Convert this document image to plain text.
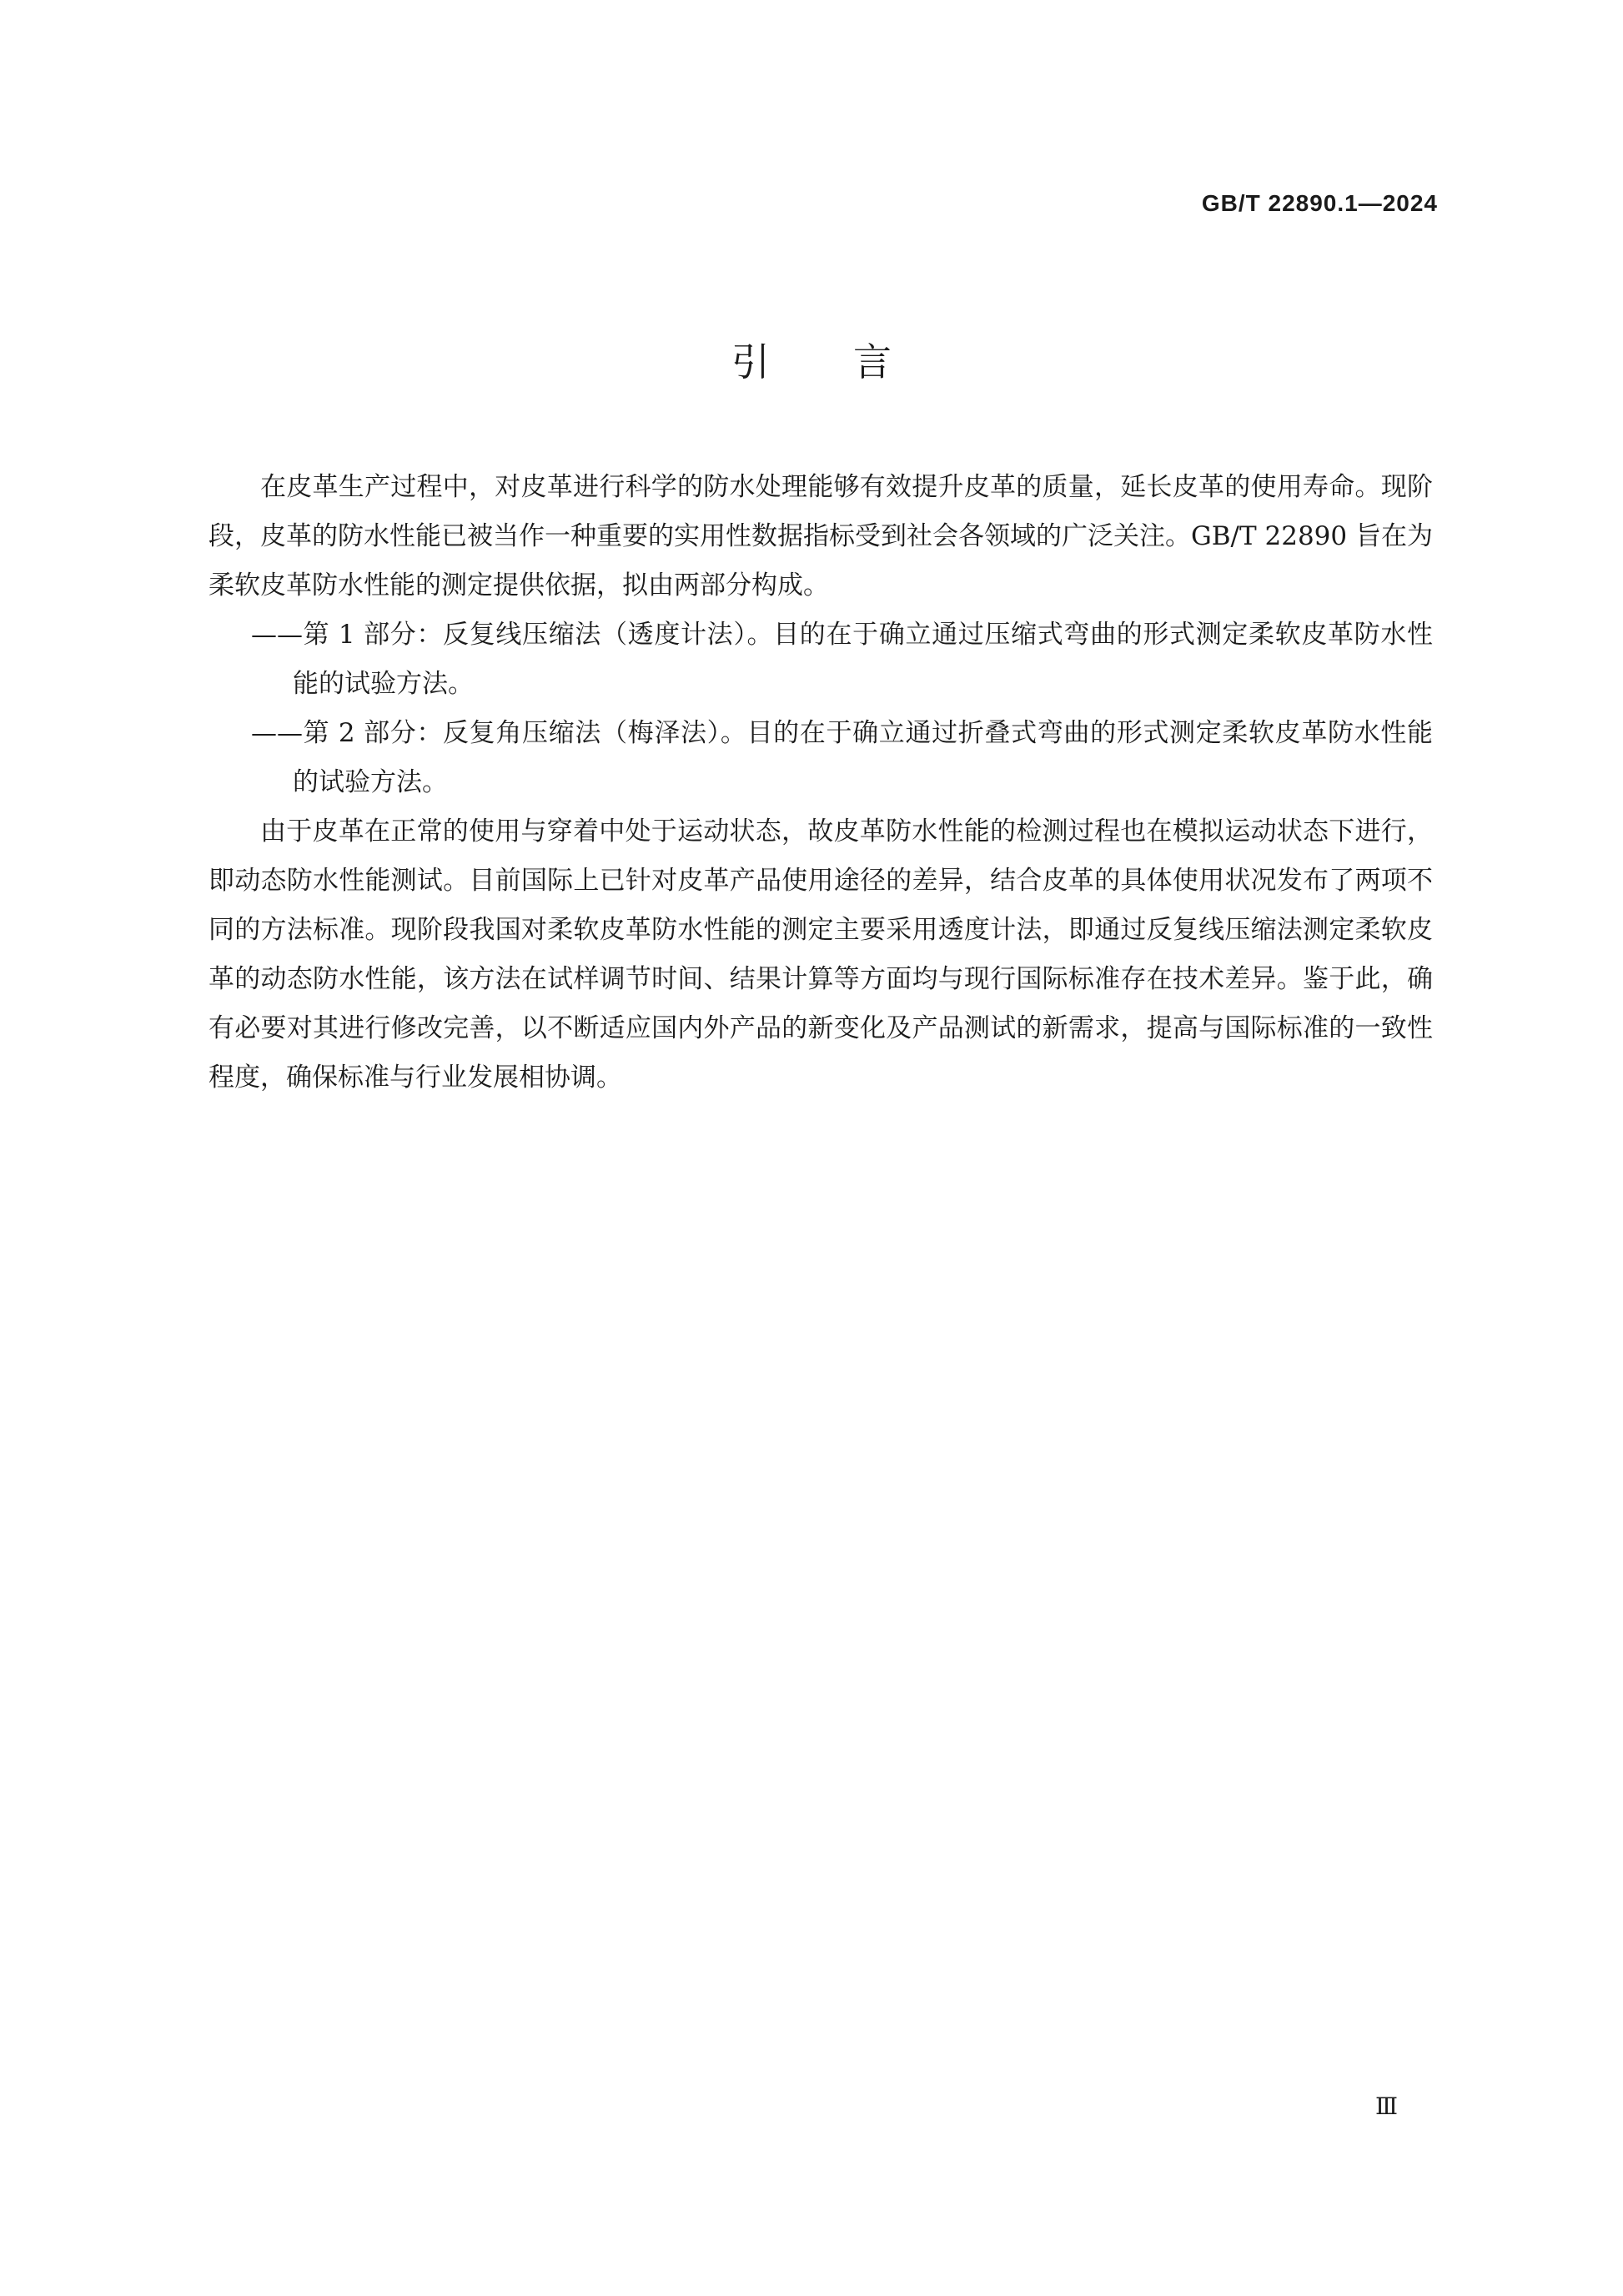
GB/T 22890.1—2024
引言

在皮革生产过程中，对皮革进行科学的防水处理能够有效提升皮革的质量，延长皮革的使用寿命。现阶段，皮革的防水性能已被当作一种重要的实用性数据指标受到社会各领域的广泛关注。GB/T 22890 旨在为柔软皮革防水性能的测定提供依据，拟由两部分构成。

——第 1 部分：反复线压缩法（透度计法）。目的在于确立通过压缩式弯曲的形式测定柔软皮革防水性能的试验方法。

——第 2 部分：反复角压缩法（梅泽法）。目的在于确立通过折叠式弯曲的形式测定柔软皮革防水性能的试验方法。

由于皮革在正常的使用与穿着中处于运动状态，故皮革防水性能的检测过程也在模拟运动状态下进行，即动态防水性能测试。目前国际上已针对皮革产品使用途径的差异，结合皮革的具体使用状况发布了两项不同的方法标准。现阶段我国对柔软皮革防水性能的测定主要采用透度计法，即通过反复线压缩法测定柔软皮革的动态防水性能，该方法在试样调节时间、结果计算等方面均与现行国际标准存在技术差异。鉴于此，确有必要对其进行修改完善，以不断适应国内外产品的新变化及产品测试的新需求，提高与国际标准的一致性程度，确保标准与行业发展相协调。

Ⅲ
